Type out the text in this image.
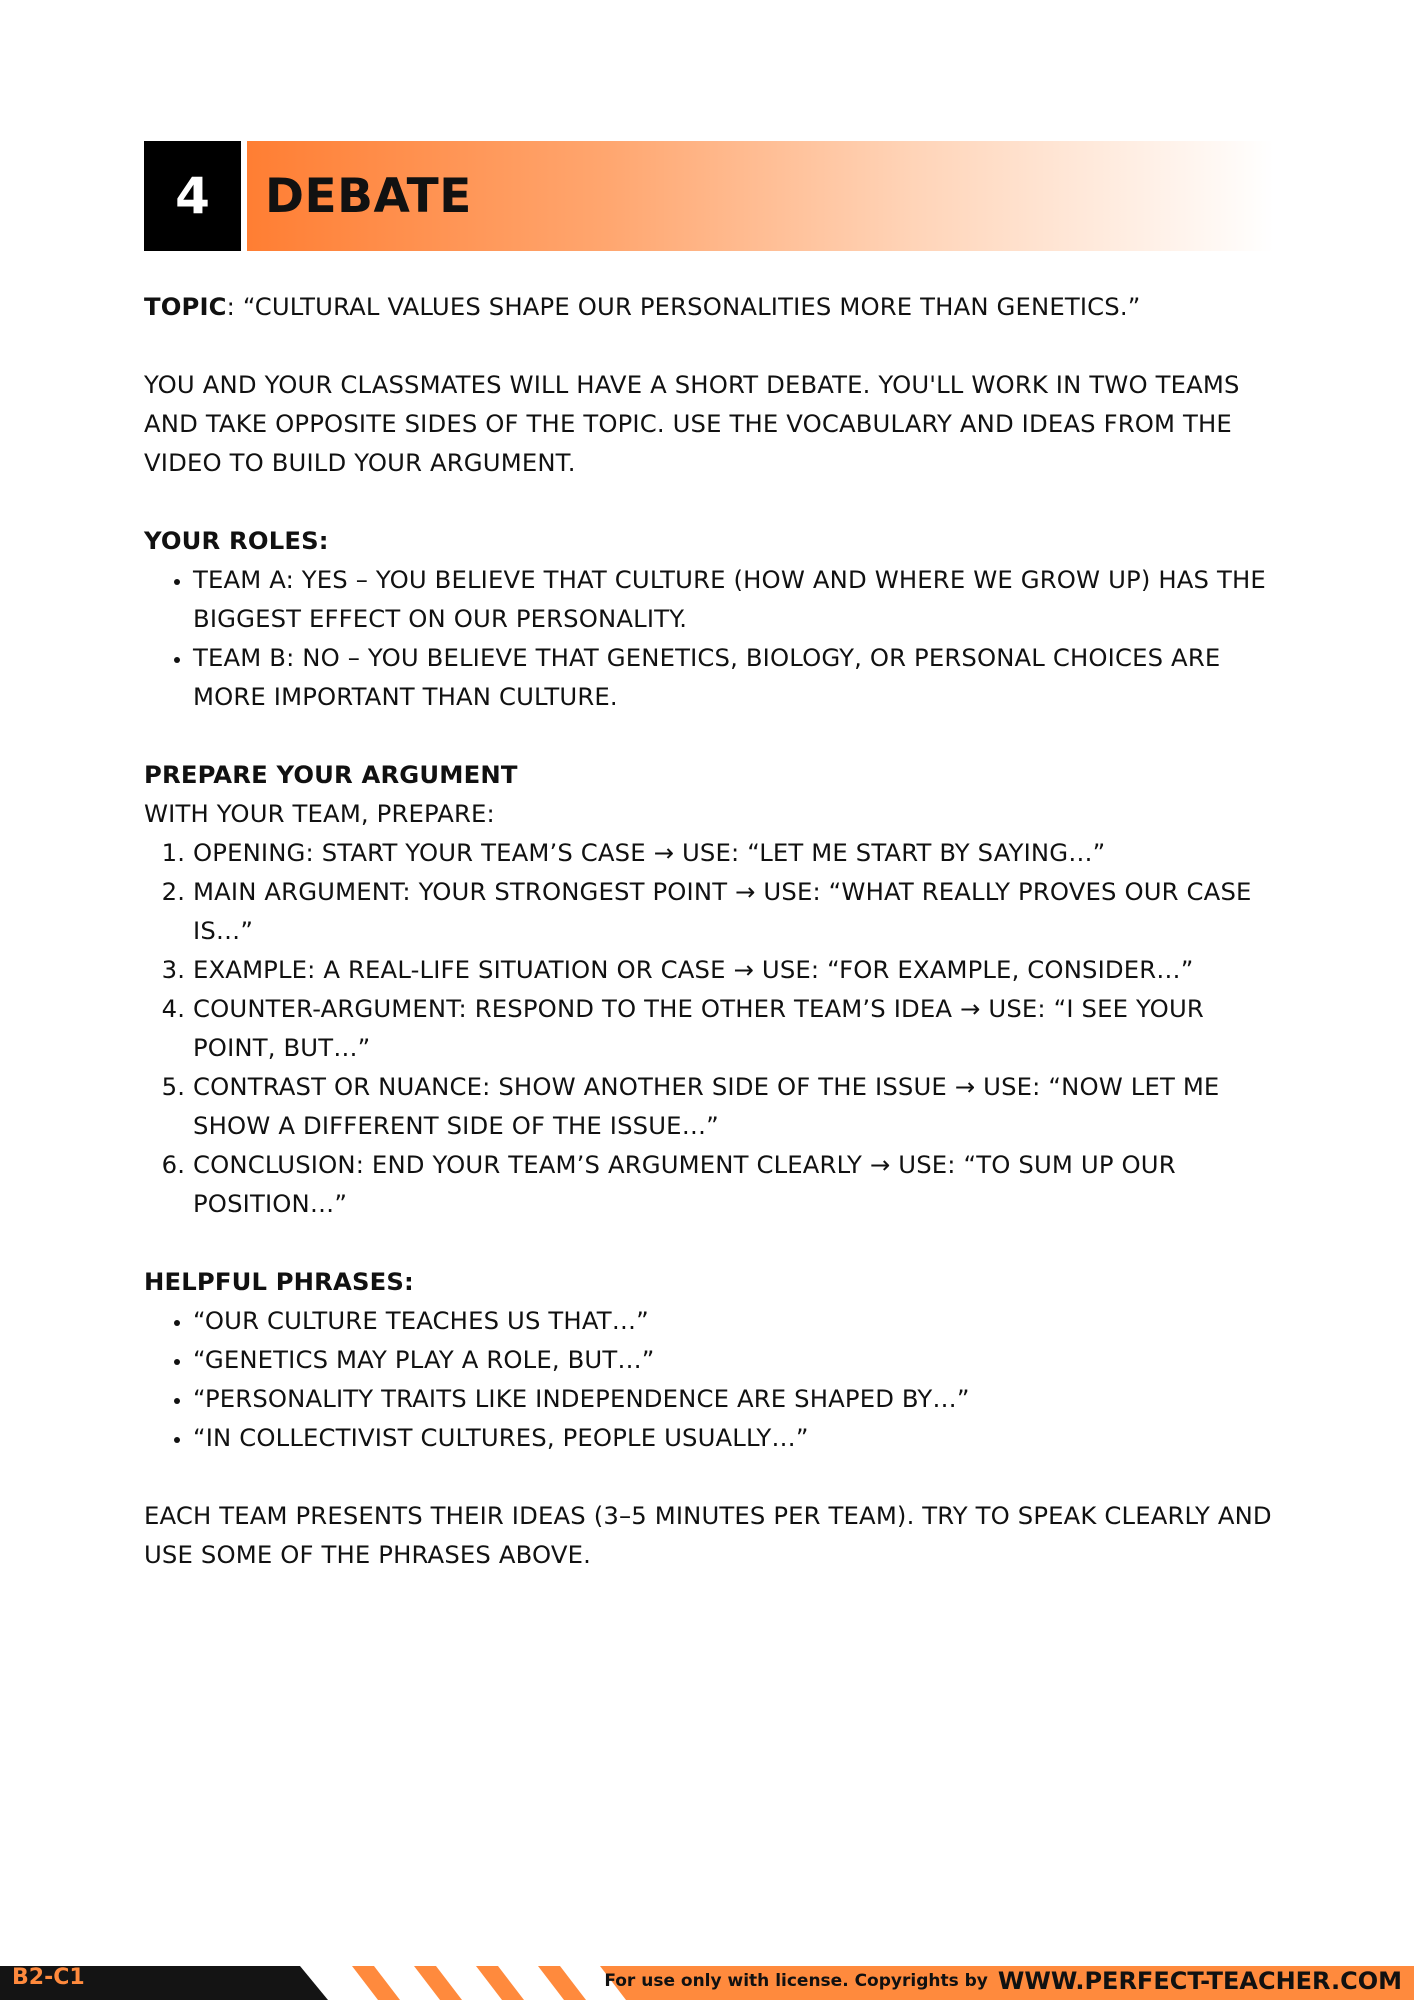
4	DEBATE

TOPIC: “CULTURAL VALUES SHAPE OUR PERSONALITIES MORE THAN GENETICS.”

YOU AND YOUR CLASSMATES WILL HAVE A SHORT DEBATE. YOU'LL WORK IN TWO TEAMS AND TAKE OPPOSITE SIDES OF THE TOPIC. USE THE VOCABULARY AND IDEAS FROM THE VIDEO TO BUILD YOUR ARGUMENT.

YOUR ROLES:

• TEAM A: YES – YOU BELIEVE THAT CULTURE (HOW AND WHERE WE GROW UP) HAS THE BIGGEST EFFECT ON OUR PERSONALITY.
• TEAM B: NO – YOU BELIEVE THAT GENETICS, BIOLOGY, OR PERSONAL CHOICES ARE MORE IMPORTANT THAN CULTURE.

PREPARE YOUR ARGUMENT

WITH YOUR TEAM, PREPARE:

1. OPENING: START YOUR TEAM’S CASE → USE: “LET ME START BY SAYING…”
2. MAIN ARGUMENT: YOUR STRONGEST POINT → USE: “WHAT REALLY PROVES OUR CASE IS…”
3. EXAMPLE: A REAL-LIFE SITUATION OR CASE → USE: “FOR EXAMPLE, CONSIDER…”
4. COUNTER-ARGUMENT: RESPOND TO THE OTHER TEAM’S IDEA → USE: “I SEE YOUR POINT, BUT…”
5. CONTRAST OR NUANCE: SHOW ANOTHER SIDE OF THE ISSUE → USE: “NOW LET ME SHOW A DIFFERENT SIDE OF THE ISSUE…”
6. CONCLUSION: END YOUR TEAM’S ARGUMENT CLEARLY → USE: “TO SUM UP OUR POSITION…”

HELPFUL PHRASES:

• “OUR CULTURE TEACHES US THAT…”
• “GENETICS MAY PLAY A ROLE, BUT…”
• “PERSONALITY TRAITS LIKE INDEPENDENCE ARE SHAPED BY…”
• “IN COLLECTIVIST CULTURES, PEOPLE USUALLY…”

EACH TEAM PRESENTS THEIR IDEAS (3–5 MINUTES PER TEAM). TRY TO SPEAK CLEARLY AND USE SOME OF THE PHRASES ABOVE.

B2-C1	For use only with license. Copyrights by WWW.PERFECT-TEACHER.COM
